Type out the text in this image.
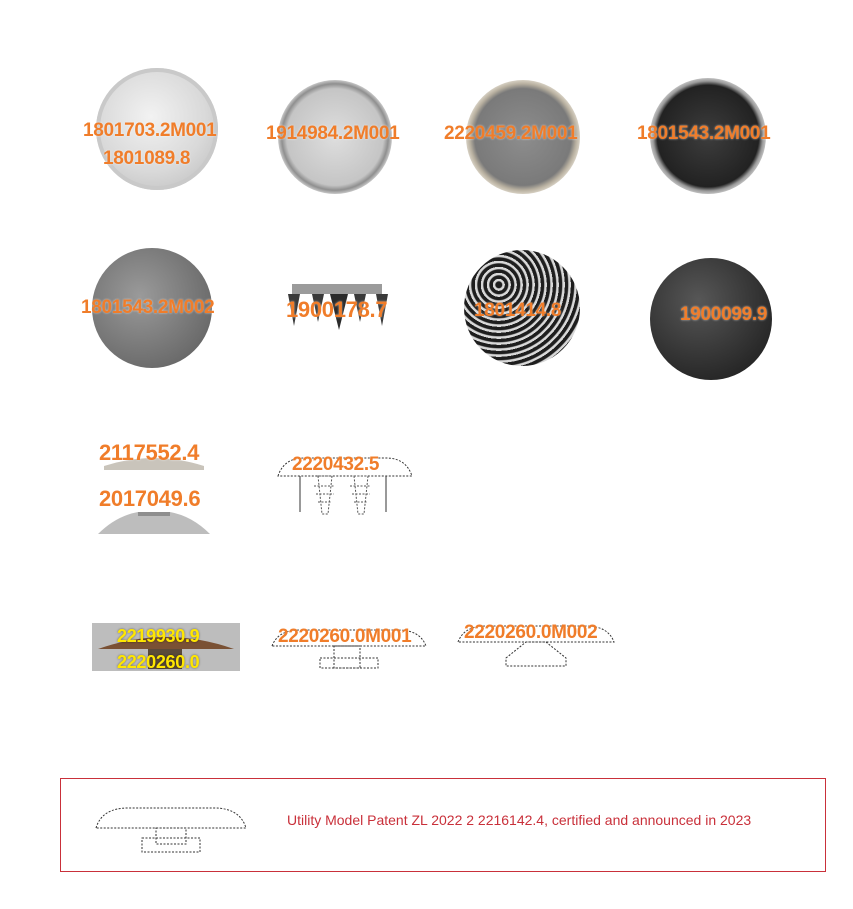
1801703.2M001
1801089.8
1914984.2M001 2220459.2M001	1801543.2M001
1801543.2M002	1900178.7	1801414.8	1900099.9
2117552.4
2017049.6
2220432.5
2219930.9
2220260.0
2220260.0M001	2220260.0M002
Utility Model Patent ZL 2022 2 2216142.4, certified and announced in 2023
